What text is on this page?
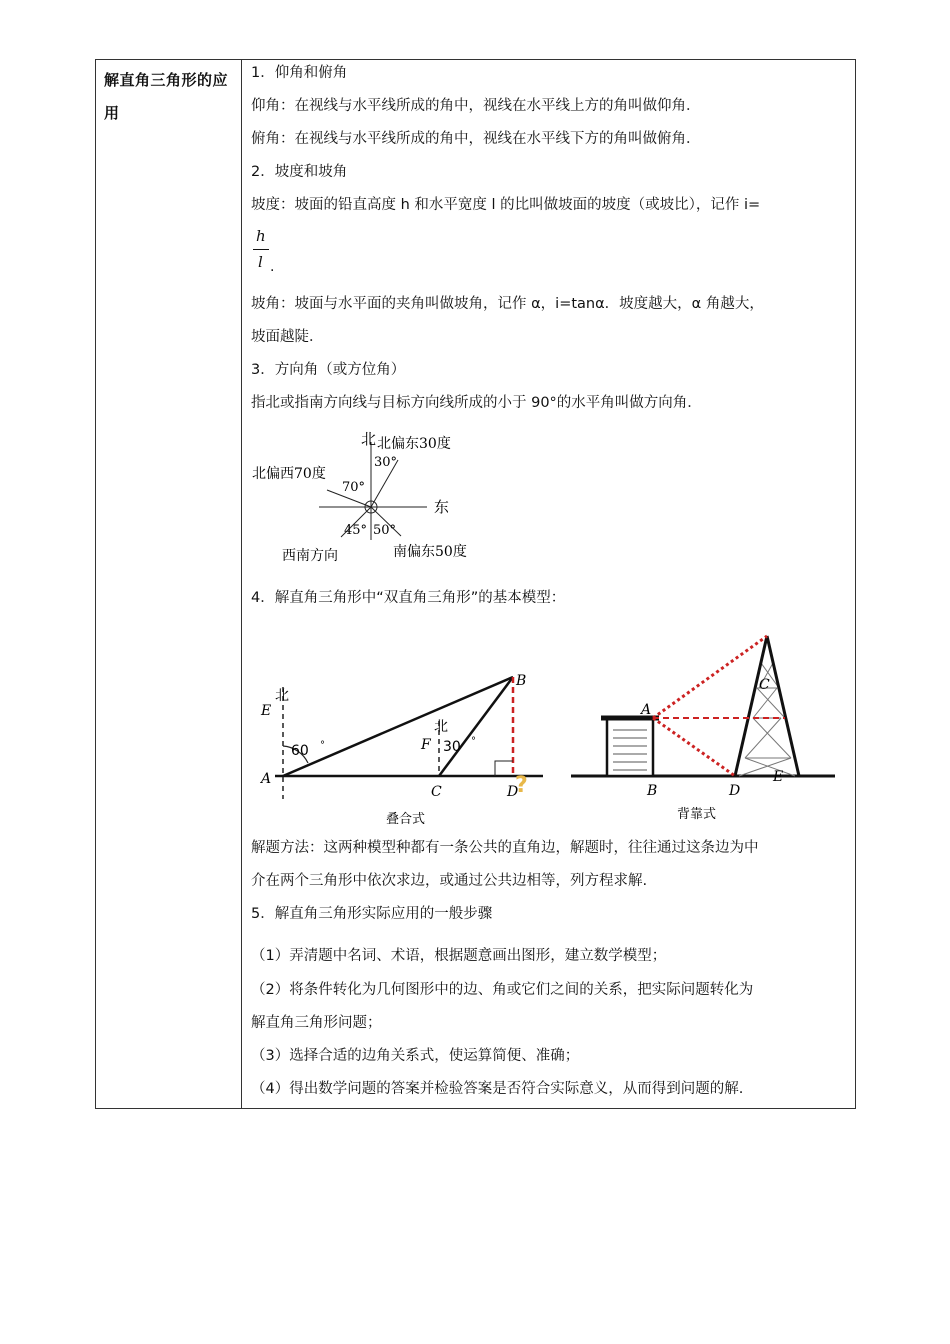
解直角三角形的应用
1．仰角和俯角
仰角：在视线与水平线所成的角中，视线在水平线上方的角叫做仰角．
俯角：在视线与水平线所成的角中，视线在水平线下方的角叫做俯角．
2．坡度和坡角
坡度：坡面的铅直高度 h 和水平宽度 l 的比叫做坡面的坡度（或坡比），记作 i=
h
l .
坡角：坡面与水平面的夹角叫做坡角，记作 α，i=tanα．坡度越大，α 角越大，
坡面越陡．
3．方向角（或方位角）
指北或指南方向线与目标方向线所成的小于 90°的水平角叫做方向角．
北 北偏东30度
30°
北偏西70度
70°
东
45° 50°
西南方向	南偏东50度
4．解直角三角形中“双直角三角形”的基本模型：
E
北
北
60 °
A
F 30 °
B
?
C	D
叠合式
C
A
E
B	D
背靠式
解题方法：这两种模型种都有一条公共的直角边，解题时，往往通过这条边为中
介在两个三角形中依次求边，或通过公共边相等，列方程求解.
5．解直角三角形实际应用的一般步骤
（1）弄清题中名词、术语，根据题意画出图形，建立数学模型；
（2）将条件转化为几何图形中的边、角或它们之间的关系，把实际问题转化为
解直角三角形问题；
（3）选择合适的边角关系式，使运算简便、准确；
（4）得出数学问题的答案并检验答案是否符合实际意义，从而得到问题的解.
